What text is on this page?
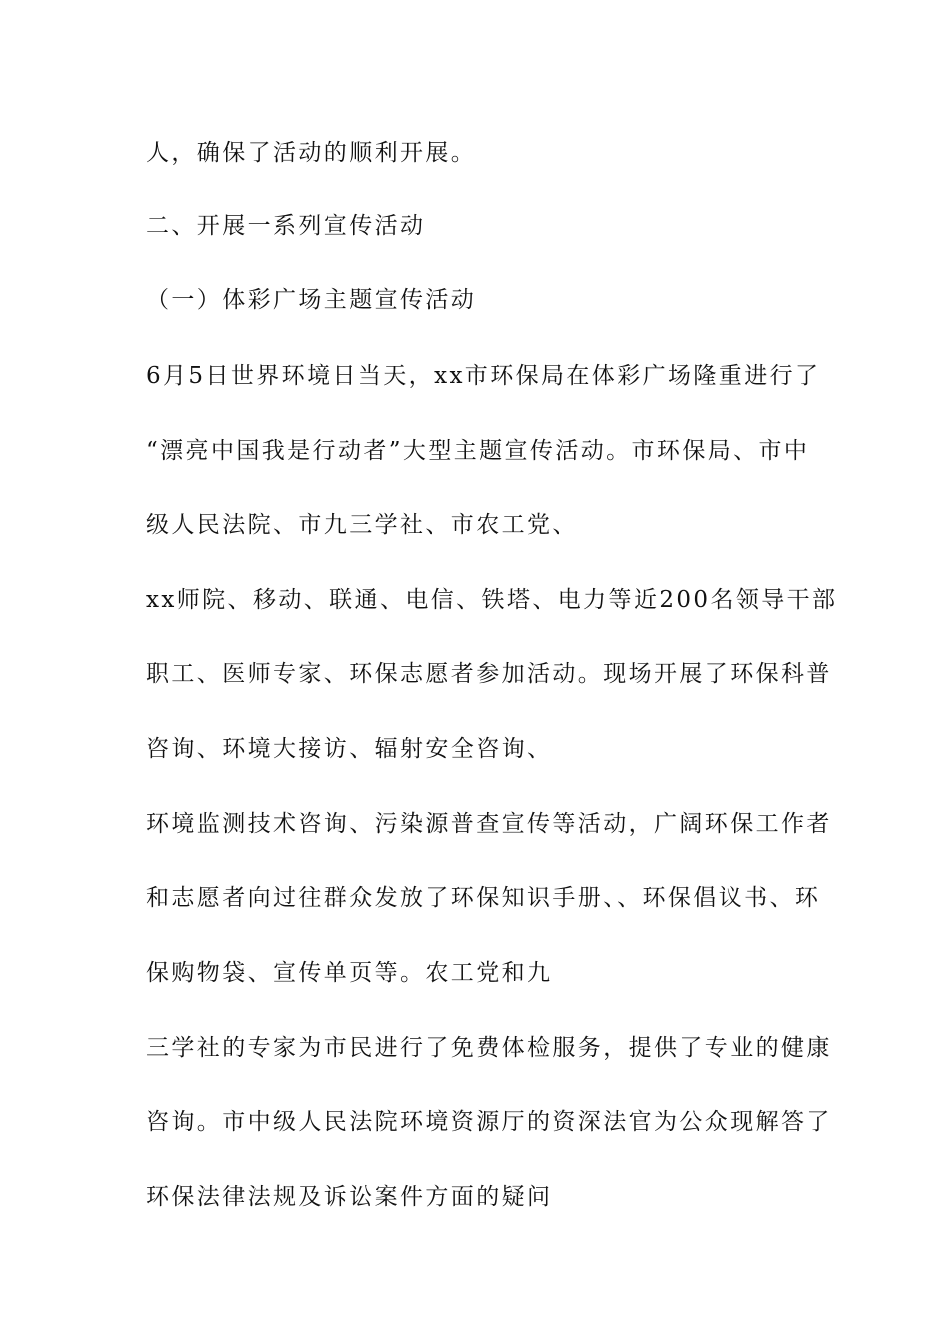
人，确保了活动的顺利开展。
二、开展一系列宣传活动
（一）体彩广场主题宣传活动
6月5日世界环境日当天，xx市环保局在体彩广场隆重进行了
“漂亮中国我是行动者”大型主题宣传活动。市环保局、市中
级人民法院、市九三学社、市农工党、
xx师院、移动、联通、电信、铁塔、电力等近200名领导干部
职工、医师专家、环保志愿者参加活动。现场开展了环保科普
咨询、环境大接访、辐射安全咨询、
环境监测技术咨询、污染源普查宣传等活动，广阔环保工作者
和志愿者向过往群众发放了环保知识手册、、环保倡议书、环
保购物袋、宣传单页等。农工党和九
三学社的专家为市民进行了免费体检服务，提供了专业的健康
咨询。市中级人民法院环境资源厅的资深法官为公众现解答了
环保法律法规及诉讼案件方面的疑问
